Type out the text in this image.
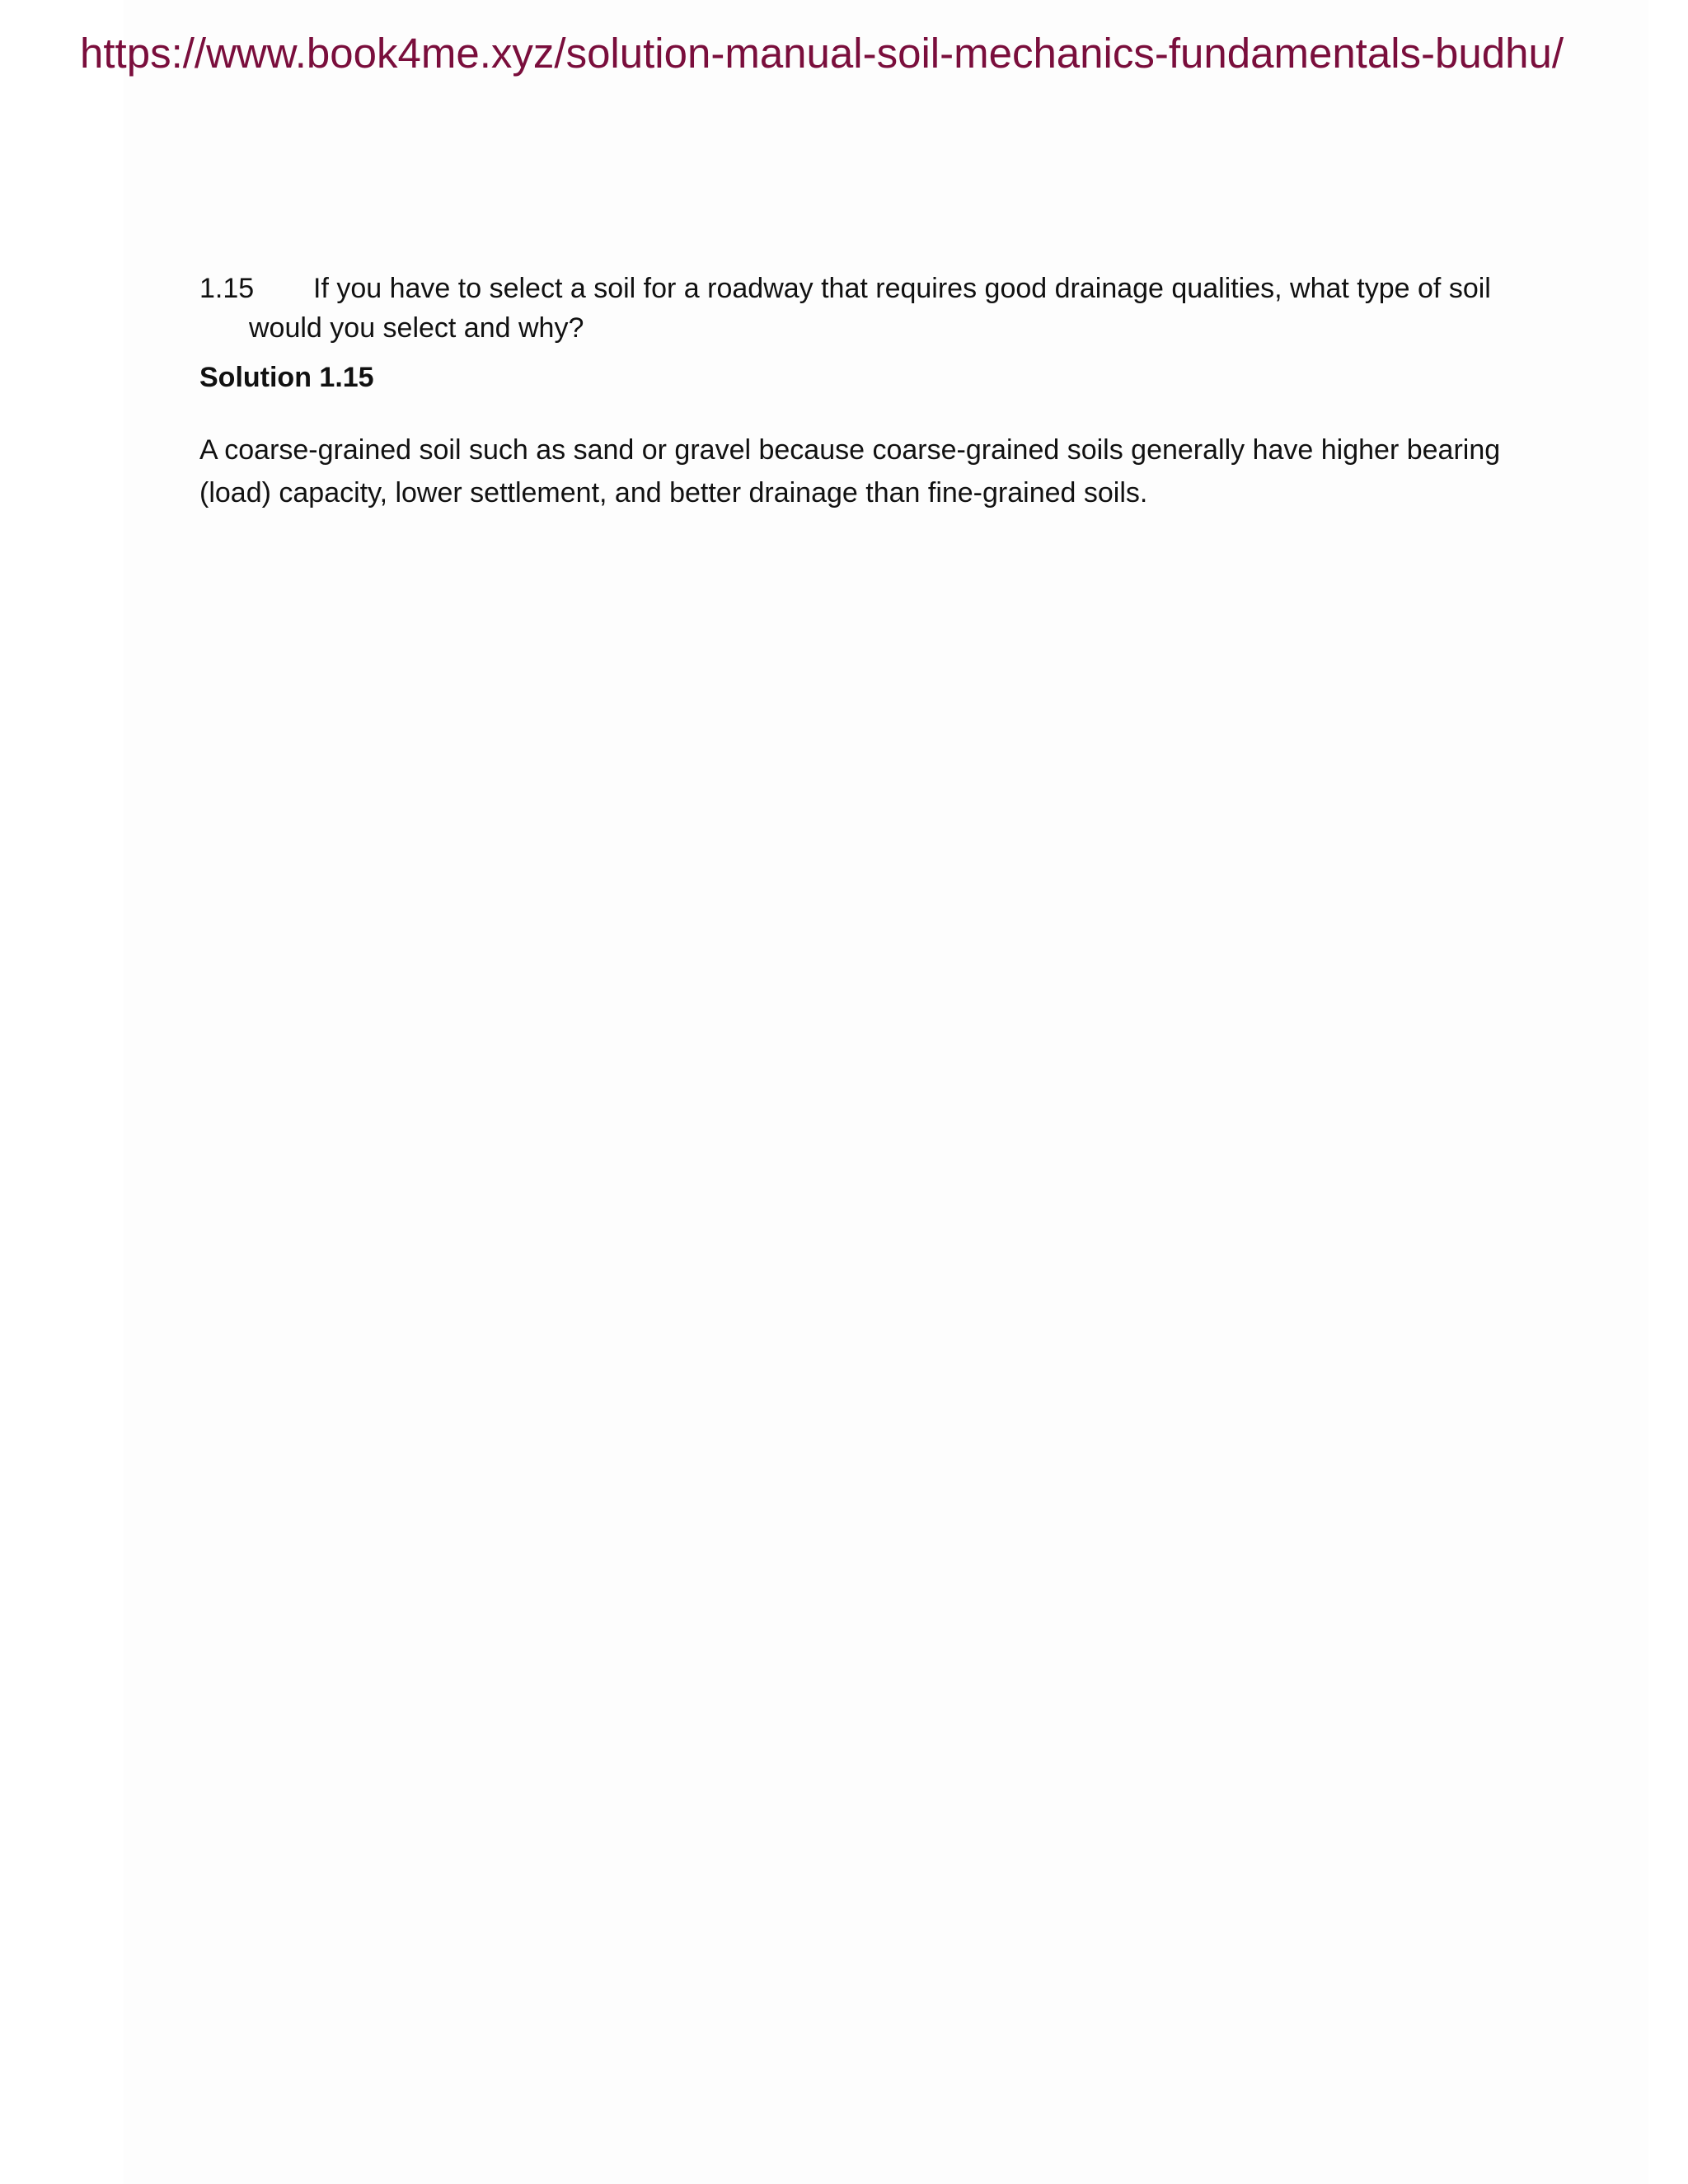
https://www.book4me.xyz/solution-manual-soil-mechanics-fundamentals-budhu/
1.15 If you have to select a soil for a roadway that requires good drainage qualities, what type of soil
would you select and why?
Solution 1.15
A coarse-grained soil such as sand or gravel because coarse-grained soils generally have higher bearing
(load) capacity, lower settlement, and better drainage than fine-grained soils.
